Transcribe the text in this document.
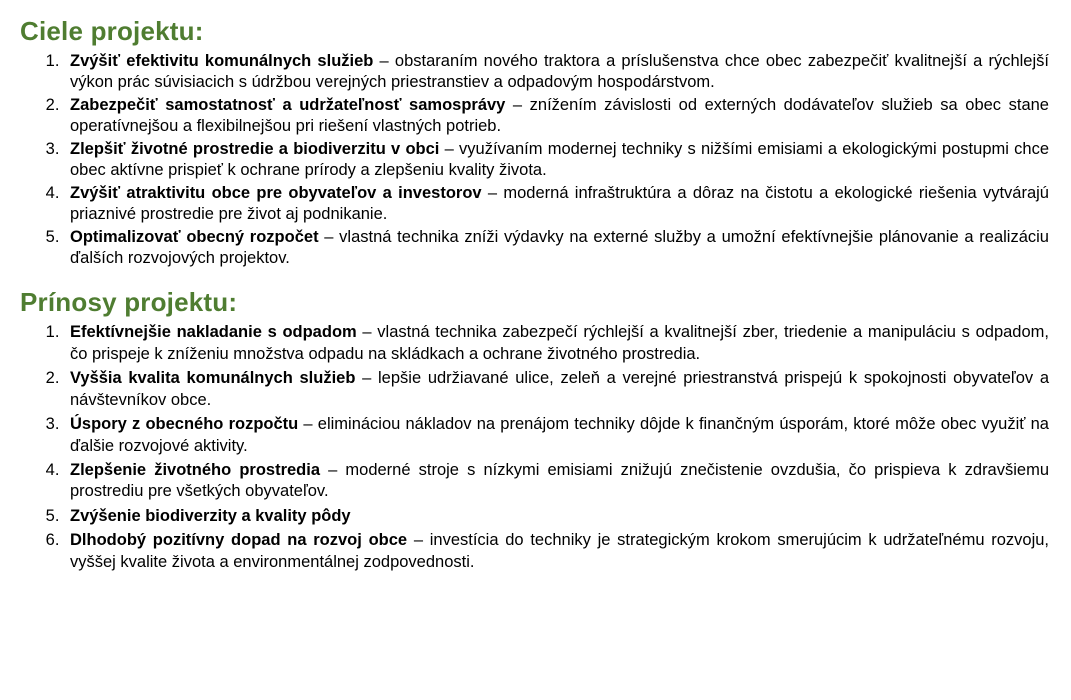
Ciele projektu:
1. Zvýšiť efektivitu komunálnych služieb – obstaraním nového traktora a príslušenstva chce obec zabezpečiť kvalitnejší a rýchlejší výkon prác súvisiacich s údržbou verejných priestranstiev a odpadovým hospodárstvom.
2. Zabezpečiť samostatnosť a udržateľnosť samosprávy – znížením závislosti od externých dodávateľov služieb sa obec stane operatívnejšou a flexibilnejšou pri riešení vlastných potrieb.
3. Zlepšiť životné prostredie a biodiverzitu v obci – využívaním modernej techniky s nižšími emisiami a ekologickými postupmi chce obec aktívne prispieť k ochrane prírody a zlepšeniu kvality života.
4. Zvýšiť atraktivitu obce pre obyvateľov a investorov – moderná infraštruktúra a dôraz na čistotu a ekologické riešenia vytvárajú priaznivé prostredie pre život aj podnikanie.
5. Optimalizovať obecný rozpočet – vlastná technika zníži výdavky na externé služby a umožní efektívnejšie plánovanie a realizáciu ďalších rozvojových projektov.
Prínosy projektu:
1. Efektívnejšie nakladanie s odpadom – vlastná technika zabezpečí rýchlejší a kvalitnejší zber, triedenie a manipuláciu s odpadom, čo prispeje k zníženiu množstva odpadu na skládkach a ochrane životného prostredia.
2. Vyššia kvalita komunálnych služieb – lepšie udržiavané ulice, zeleň a verejné priestranstvá prispejú k spokojnosti obyvateľov a návštevníkov obce.
3. Úspory z obecného rozpočtu – elimináciou nákladov na prenájom techniky dôjde k finančným úsporám, ktoré môže obec využiť na ďalšie rozvojové aktivity.
4. Zlepšenie životného prostredia – moderné stroje s nízkymi emisiami znižujú znečistenie ovzdušia, čo prispieva k zdravšiemu prostrediu pre všetkých obyvateľov.
5. Zvýšenie biodiverzity a kvality pôdy
6. Dlhodobý pozitívny dopad na rozvoj obce – investícia do techniky je strategickým krokom smerujúcim k udržateľnému rozvoju, vyššej kvalite života a environmentálnej zodpovednosti.
